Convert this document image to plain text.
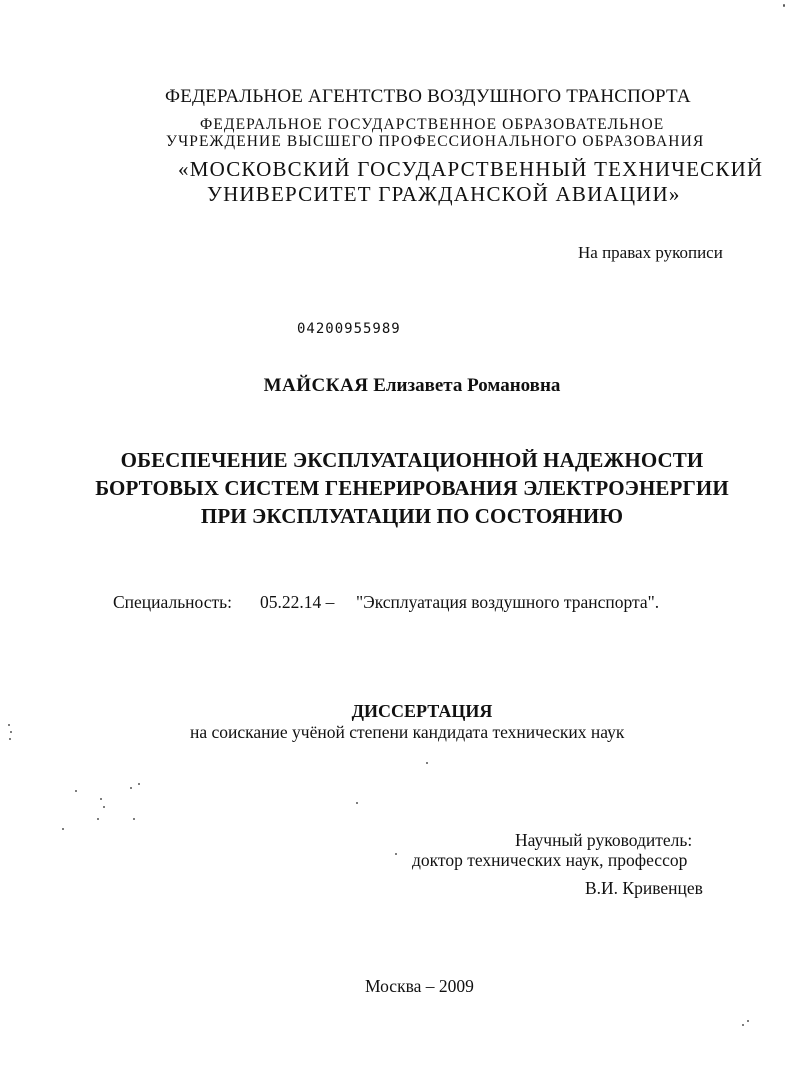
ФЕДЕРАЛЬНОЕ АГЕНТСТВО ВОЗДУШНОГО ТРАНСПОРТА

ФЕДЕРАЛЬНОЕ ГОСУДАРСТВЕННОЕ ОБРАЗОВАТЕЛЬНОЕ

УЧРЕЖДЕНИЕ ВЫСШЕГО ПРОФЕССИОНАЛЬНОГО ОБРАЗОВАНИЯ

«МОСКОВСКИЙ ГОСУДАРСТВЕННЫЙ ТЕХНИЧЕСКИЙ

УНИВЕРСИТЕТ ГРАЖДАНСКОЙ АВИАЦИИ»

На правах рукописи

04200955989

МАЙСКАЯ Елизавета Романовна

ОБЕСПЕЧЕНИЕ ЭКСПЛУАТАЦИОННОЙ НАДЕЖНОСТИ

БОРТОВЫХ СИСТЕМ ГЕНЕРИРОВАНИЯ ЭЛЕКТРОЭНЕРГИИ

ПРИ ЭКСПЛУАТАЦИИ ПО СОСТОЯНИЮ

Специальность: 05.22.14 – "Эксплуатация воздушного транспорта".

ДИССЕРТАЦИЯ

на соискание учёной степени кандидата технических наук

Научный руководитель:

доктор технических наук, профессор

В.И. Кривенцев

Москва – 2009
